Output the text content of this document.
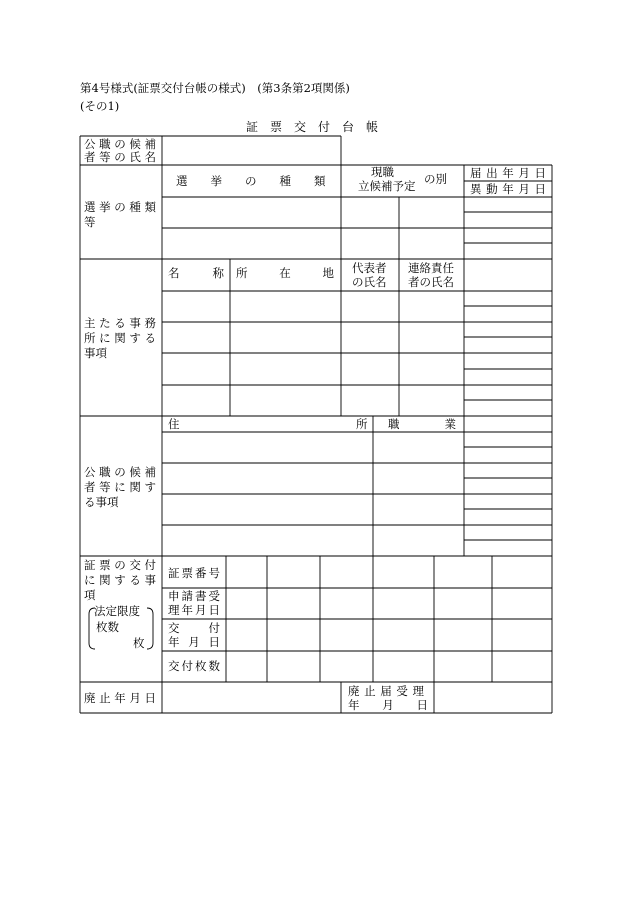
第4号様式(証票交付台帳の様式)　(第3条第2項関係)
(その1)
証　票　交　付　台　帳
公職の候補
者等の氏名
選挙の種類
等
選　　挙　　の　　種　　類
現職
立候補予定 の別 届出年月日
異動年月日
主たる事務
所に関する
事項
名　　称 所　　在　　地 代表者
の氏名
連絡責任
者の氏名
公職の候補
者等に関す
る事項
住	所 職　　　業
証票の交付
に関する事
項
法定限度
枚数
枚
証票番号
申請書受
理年月日
交　　付
年 月 日
交付枚数
廃止年月日	廃止届受理
年　　月　　日
